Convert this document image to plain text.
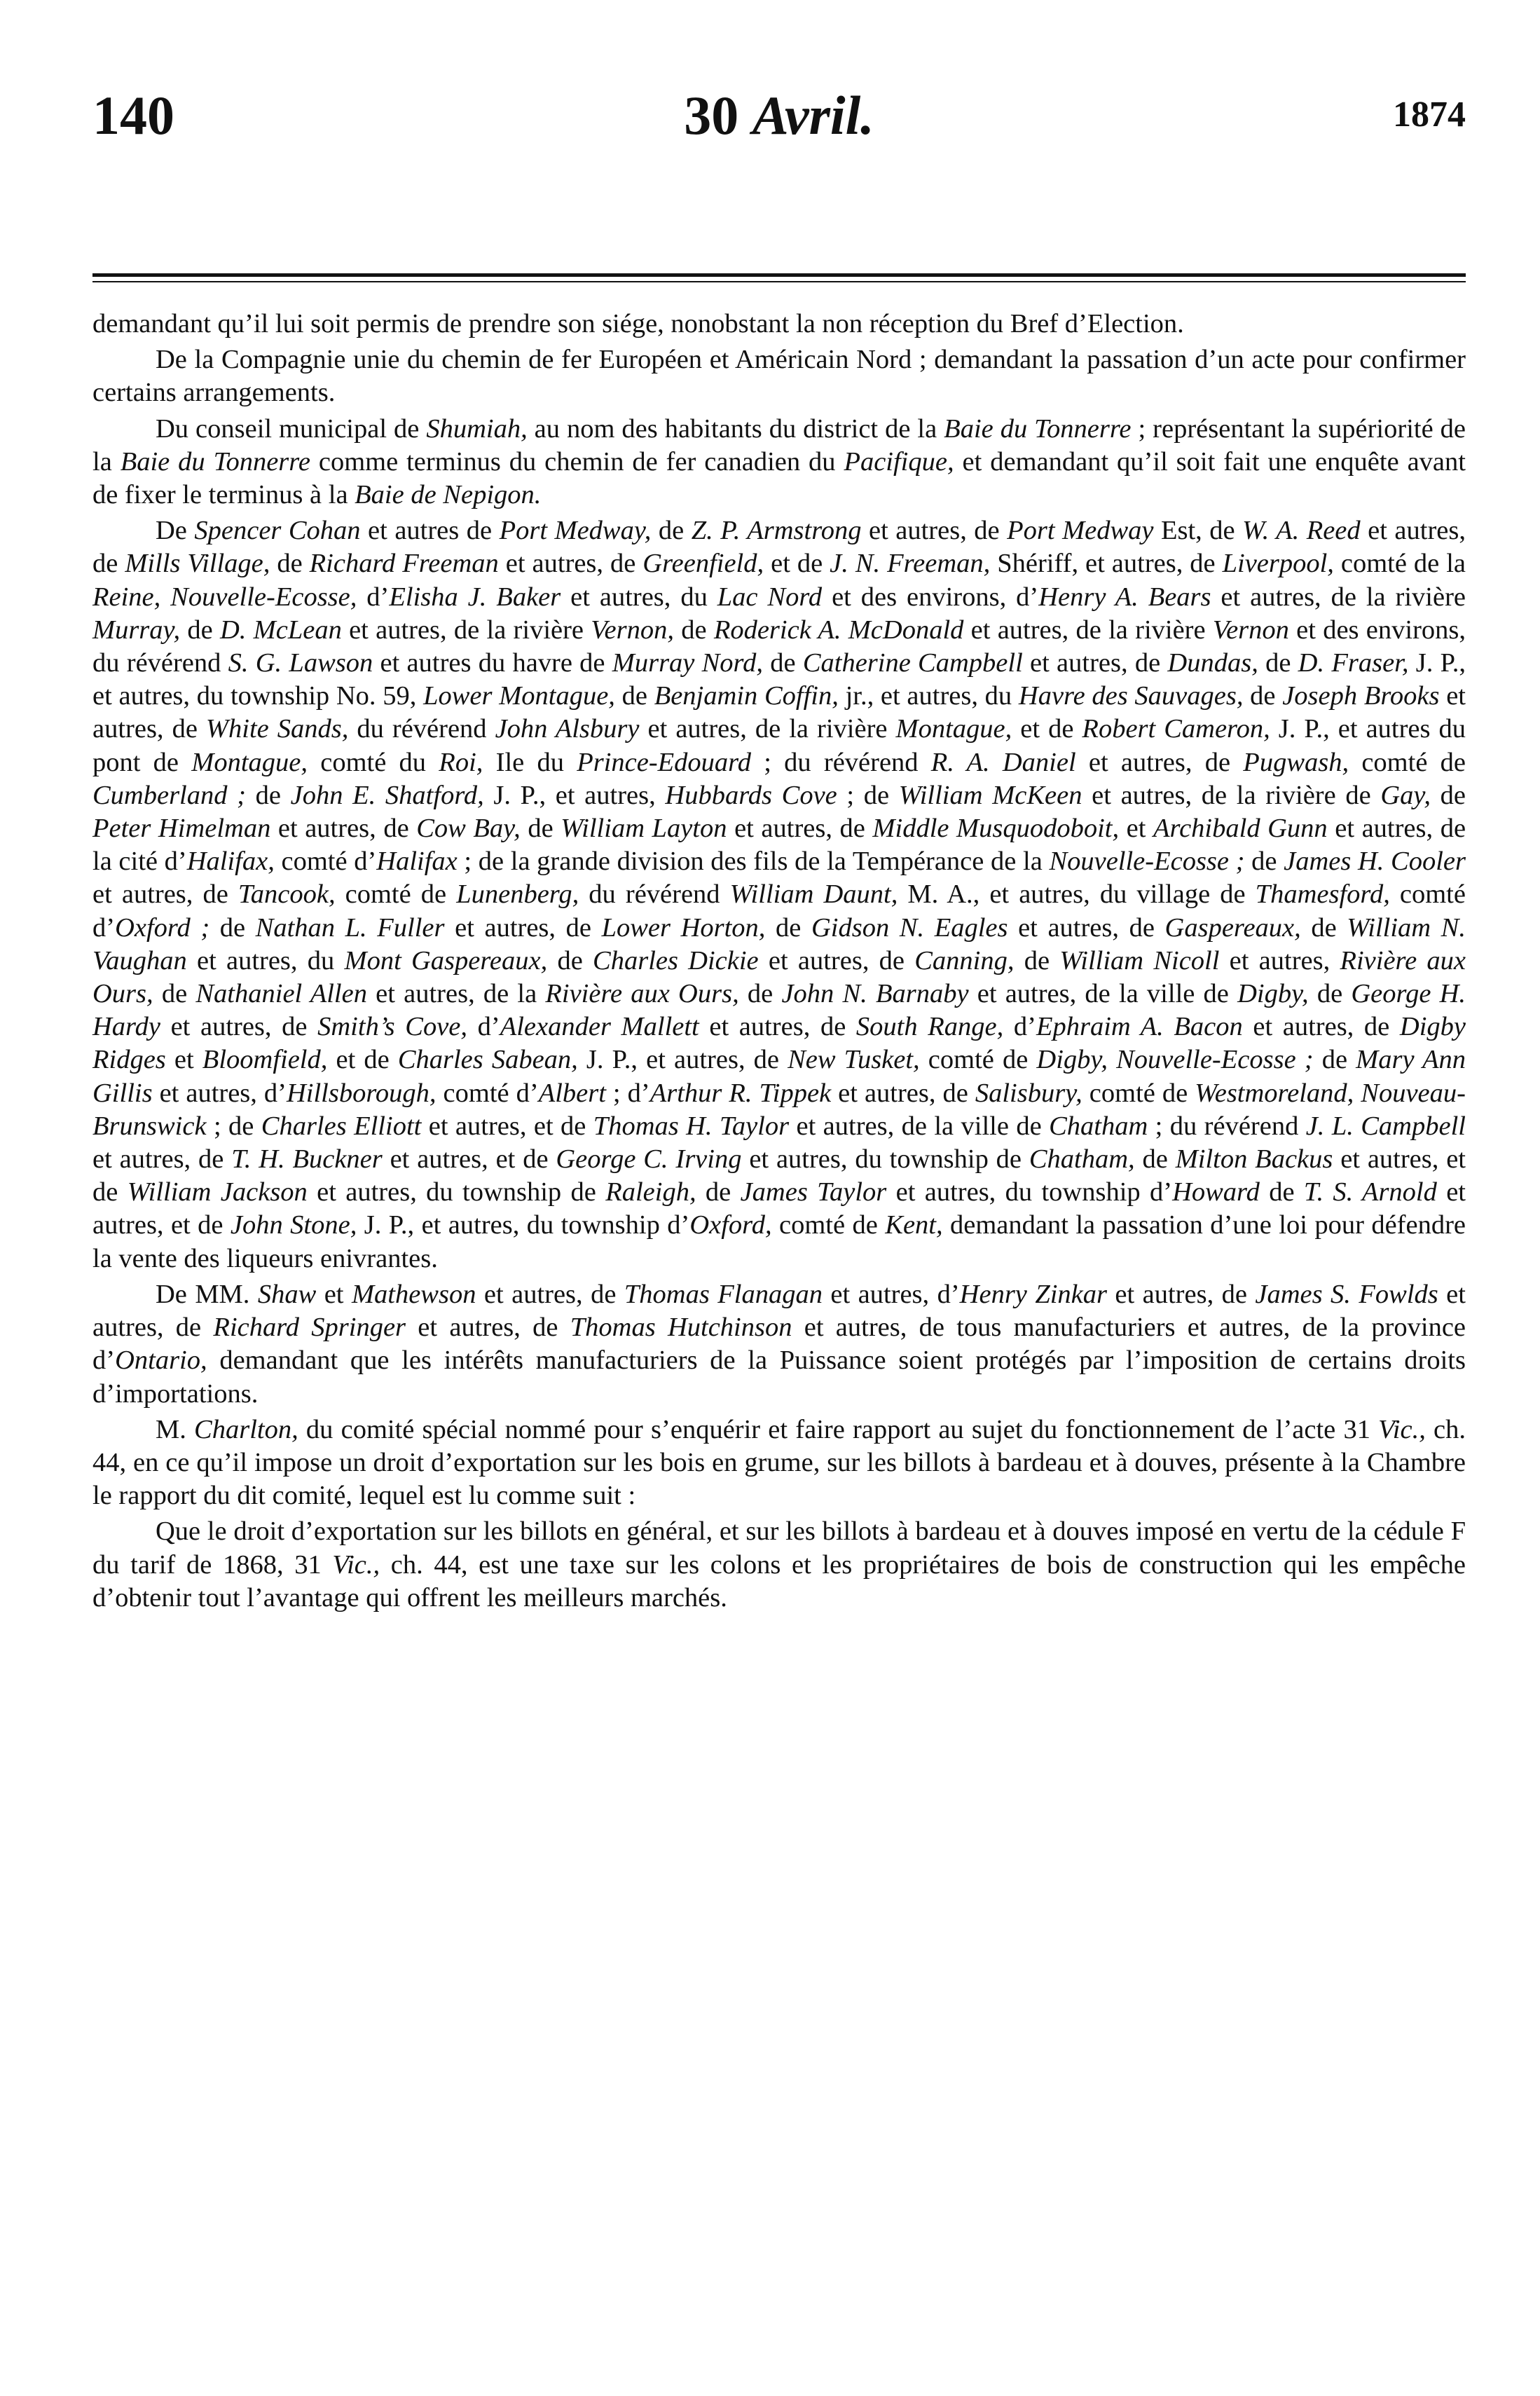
140	30 Avril.	1874

demandant qu’il lui soit permis de prendre son siége, nonobstant la non réception du Bref d’Election.

De la Compagnie unie du chemin de fer Européen et Américain Nord ; demandant la passation d’un acte pour confirmer certains arrangements.

Du conseil municipal de Shumiah, au nom des habitants du district de la Baie du Tonnerre ; représentant la supériorité de la Baie du Tonnerre comme terminus du chemin de fer canadien du Pacifique, et demandant qu’il soit fait une enquête avant de fixer le terminus à la Baie de Nepigon.

De Spencer Cohan et autres de Port Medway, de Z. P. Armstrong et autres, de Port Medway Est, de W. A. Reed et autres, de Mills Village, de Richard Freeman et autres, de Greenfield, et de J. N. Freeman, Shériff, et autres, de Liverpool, comté de la Reine, Nouvelle-Ecosse, d’Elisha J. Baker et autres, du Lac Nord et des environs, d’Henry A. Bears et autres, de la rivière Murray, de D. McLean et autres, de la rivière Vernon, de Roderick A. McDonald et autres, de la rivière Vernon et des environs, du révérend S. G. Lawson et autres du havre de Murray Nord, de Catherine Campbell et autres, de Dundas, de D. Fraser, J. P., et autres, du township No. 59, Lower Montague, de Benjamin Coffin, jr., et autres, du Havre des Sauvages, de Joseph Brooks et autres, de White Sands, du révérend John Alsbury et autres, de la rivière Montague, et de Robert Cameron, J. P., et autres du pont de Montague, comté du Roi, Ile du Prince-Edouard ; du révérend R. A. Daniel et autres, de Pugwash, comté de Cumberland ; de John E. Shatford, J. P., et autres, Hubbards Cove ; de William McKeen et autres, de la rivière de Gay, de Peter Himelman et autres, de Cow Bay, de William Layton et autres, de Middle Musquodoboit, et Archibald Gunn et autres, de la cité d’Halifax, comté d’Halifax ; de la grande division des fils de la Tempérance de la Nouvelle-Ecosse ; de James H. Cooler et autres, de Tancook, comté de Lunenberg, du révérend William Daunt, M. A., et autres, du village de Thamesford, comté d’Oxford ; de Nathan L. Fuller et autres, de Lower Horton, de Gidson N. Eagles et autres, de Gaspereaux, de William N. Vaughan et autres, du Mont Gaspereaux, de Charles Dickie et autres, de Canning, de William Nicoll et autres, Rivière aux Ours, de Nathaniel Allen et autres, de la Rivière aux Ours, de John N. Barnaby et autres, de la ville de Digby, de George H. Hardy et autres, de Smith’s Cove, d’Alexander Mallett et autres, de South Range, d’Ephraim A. Bacon et autres, de Digby Ridges et Bloomfield, et de Charles Sabean, J. P., et autres, de New Tusket, comté de Digby, Nouvelle-Ecosse ; de Mary Ann Gillis et autres, d’Hillsborough, comté d’Albert ; d’Arthur R. Tippek et autres, de Salisbury, comté de Westmoreland, Nouveau-Brunswick ; de Charles Elliott et autres, et de Thomas H. Taylor et autres, de la ville de Chatham ; du révérend J. L. Campbell et autres, de T. H. Buckner et autres, et de George C. Irving et autres, du township de Chatham, de Milton Backus et autres, et de William Jackson et autres, du township de Raleigh, de James Taylor et autres, du township d’Howard de T. S. Arnold et autres, et de John Stone, J. P., et autres, du township d’Oxford, comté de Kent, demandant la passation d’une loi pour défendre la vente des liqueurs enivrantes.

De MM. Shaw et Mathewson et autres, de Thomas Flanagan et autres, d’Henry Zinkar et autres, de James S. Fowlds et autres, de Richard Springer et autres, de Thomas Hutchinson et autres, de tous manufacturiers et autres, de la province d’Ontario, demandant que les intérêts manufacturiers de la Puissance soient protégés par l’imposition de certains droits d’importations.

M. Charlton, du comité spécial nommé pour s’enquérir et faire rapport au sujet du fonctionnement de l’acte 31 Vic., ch. 44, en ce qu’il impose un droit d’exportation sur les bois en grume, sur les billots à bardeau et à douves, présente à la Chambre le rapport du dit comité, lequel est lu comme suit :

Que le droit d’exportation sur les billots en général, et sur les billots à bardeau et à douves imposé en vertu de la cédule F du tarif de 1868, 31 Vic., ch. 44, est une taxe sur les colons et les propriétaires de bois de construction qui les empêche d’obtenir tout l’avantage qui offrent les meilleurs marchés.
